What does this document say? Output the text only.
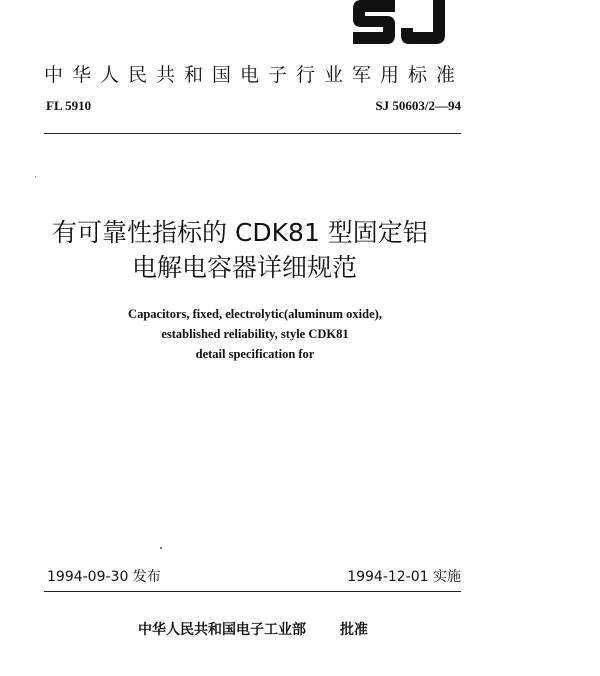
中华人民共和国电子行业军用标准
FL 5910	SJ 50603/2—94
有可靠性指标的 CDK81 型固定铝
电解电容器详细规范
Capacitors, fixed, electrolytic(aluminum oxide),
established reliability, style CDK81
detail specification for
1994-09-30 发布	1994-12-01 实施
中华人民共和国电子工业部 批准
